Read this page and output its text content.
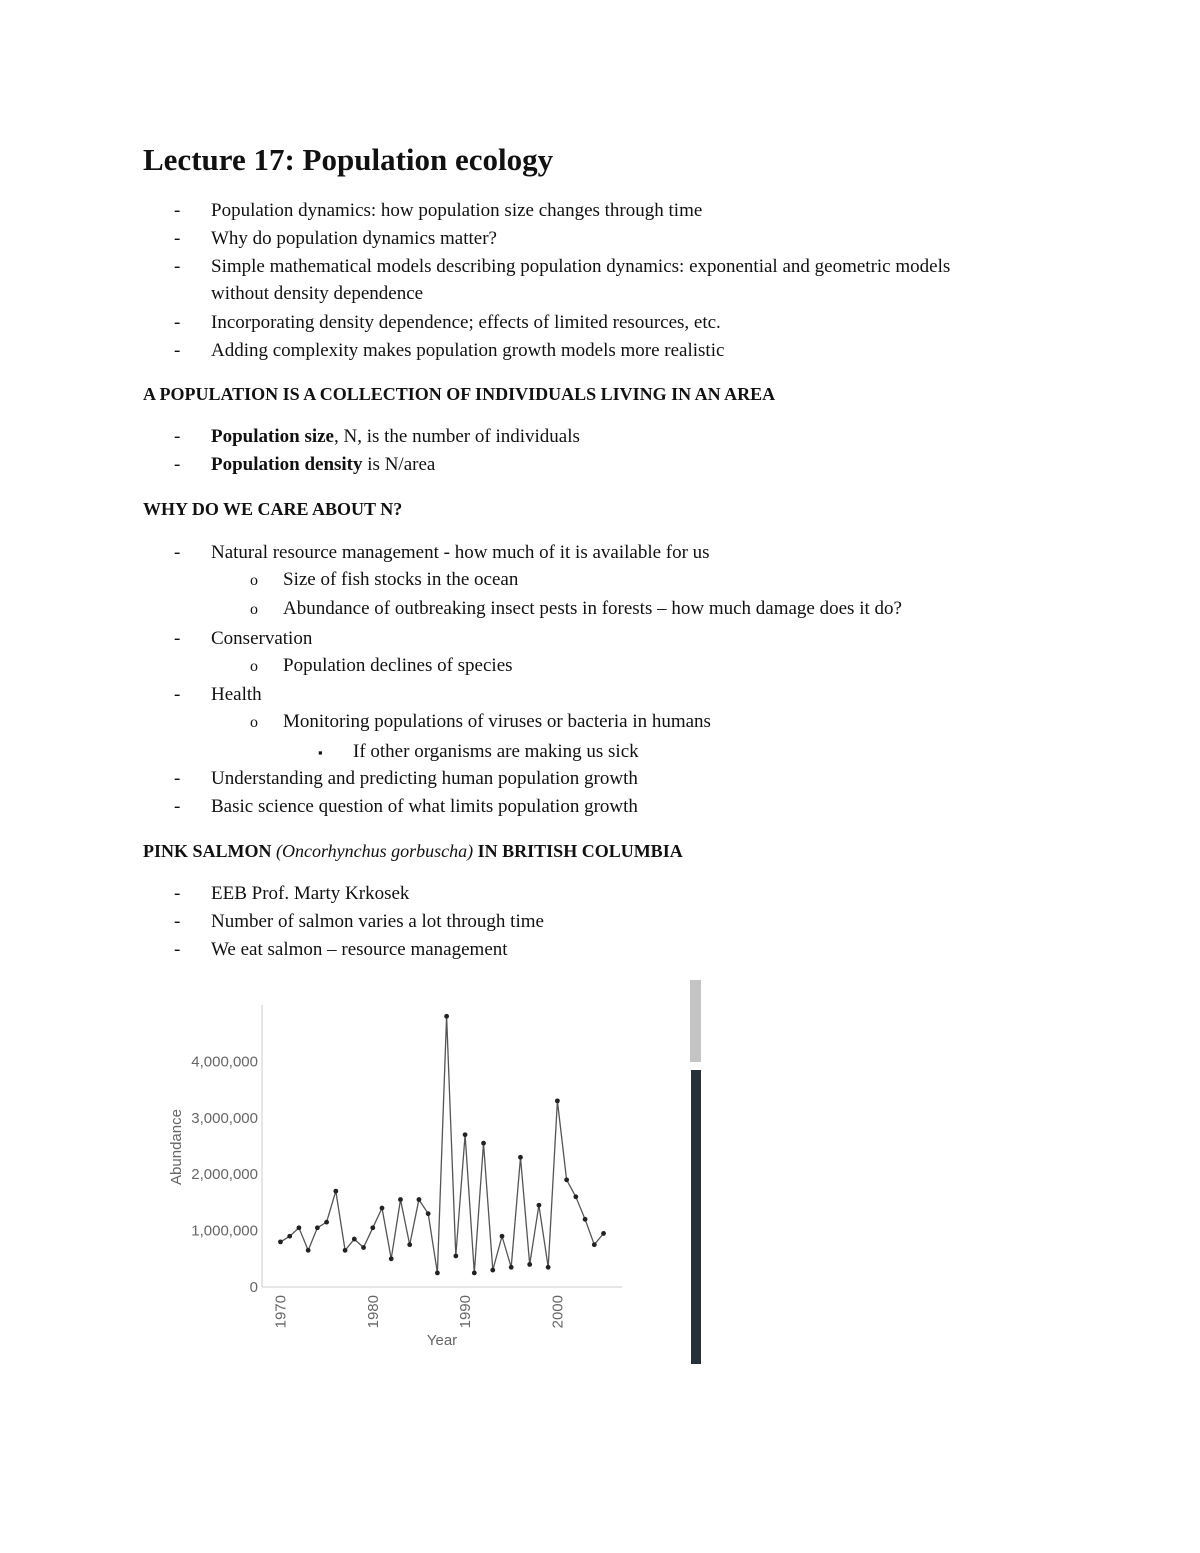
Lecture 17: Population ecology
- Population dynamics: how population size changes through time
- Why do population dynamics matter?
- Simple mathematical models describing population dynamics: exponential and geometric models
without density dependence
- Incorporating density dependence; effects of limited resources, etc.
- Adding complexity makes population growth models more realistic
A POPULATION IS A COLLECTION OF INDIVIDUALS LIVING IN AN AREA
- Population size, N, is the number of individuals
- Population density is N/area
WHY DO WE CARE ABOUT N?
- Natural resource management - how much of it is available for us
o Size of fish stocks in the ocean
o Abundance of outbreaking insect pests in forests – how much damage does it do?
- Conservation
o Population declines of species
- Health
o Monitoring populations of viruses or bacteria in humans
▪ If other organisms are making us sick
- Understanding and predicting human population growth
- Basic science question of what limits population growth
PINK SALMON (Oncorhynchus gorbuscha) IN BRITISH COLUMBIA
- EEB Prof. Marty Krkosek
- Number of salmon varies a lot through time
- We eat salmon – resource management
0
1,000,000
2,000,000
3,000,000
4,000,000
1970	1980	1990	2000
Abundance
Year
